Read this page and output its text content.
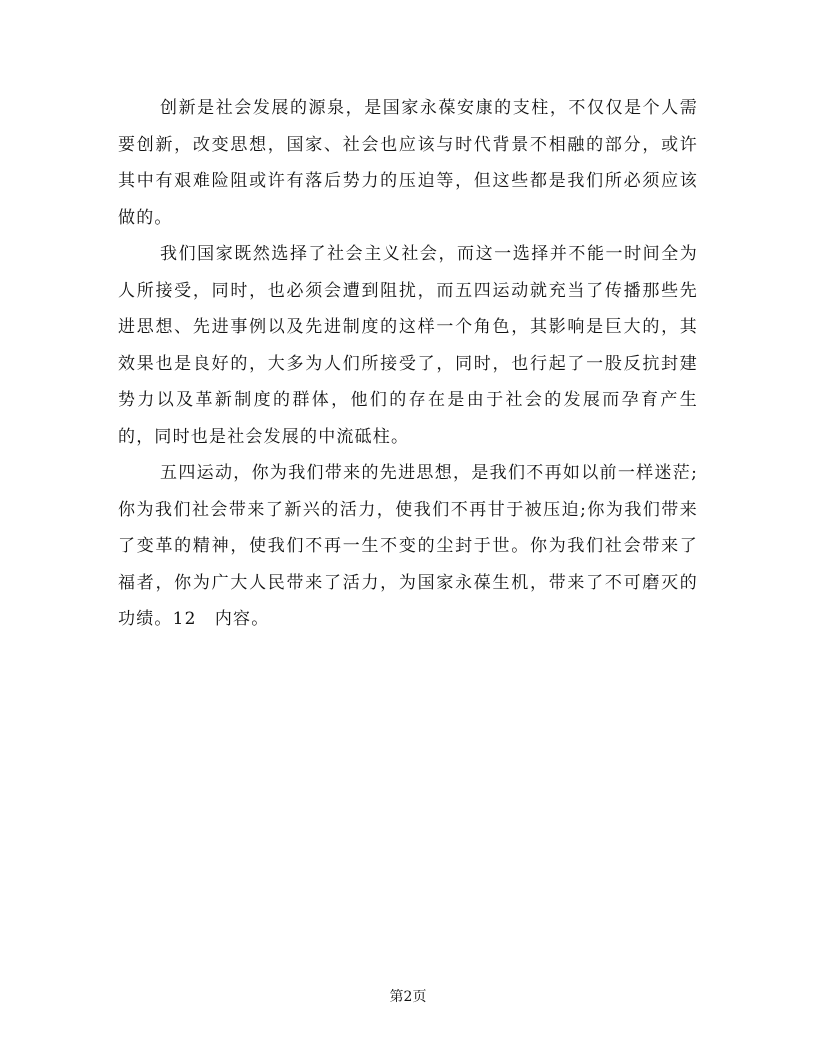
创新是社会发展的源泉，是国家永葆安康的支柱，不仅仅是个人需要创新，改变思想，国家、社会也应该与时代背景不相融的部分，或许其中有艰难险阻或许有落后势力的压迫等，但这些都是我们所必须应该做的。

我们国家既然选择了社会主义社会，而这一选择并不能一时间全为人所接受，同时，也必须会遭到阻扰，而五四运动就充当了传播那些先进思想、先进事例以及先进制度的这样一个角色，其影响是巨大的，其效果也是良好的，大多为人们所接受了，同时，也行起了一股反抗封建势力以及革新制度的群体，他们的存在是由于社会的发展而孕育产生的，同时也是社会发展的中流砥柱。

五四运动，你为我们带来的先进思想，是我们不再如以前一样迷茫;你为我们社会带来了新兴的活力，使我们不再甘于被压迫;你为我们带来了变革的精神，使我们不再一生不变的尘封于世。你为我们社会带来了福者，你为广大人民带来了活力，为国家永葆生机，带来了不可磨灭的功绩。12　内容。

第2页
